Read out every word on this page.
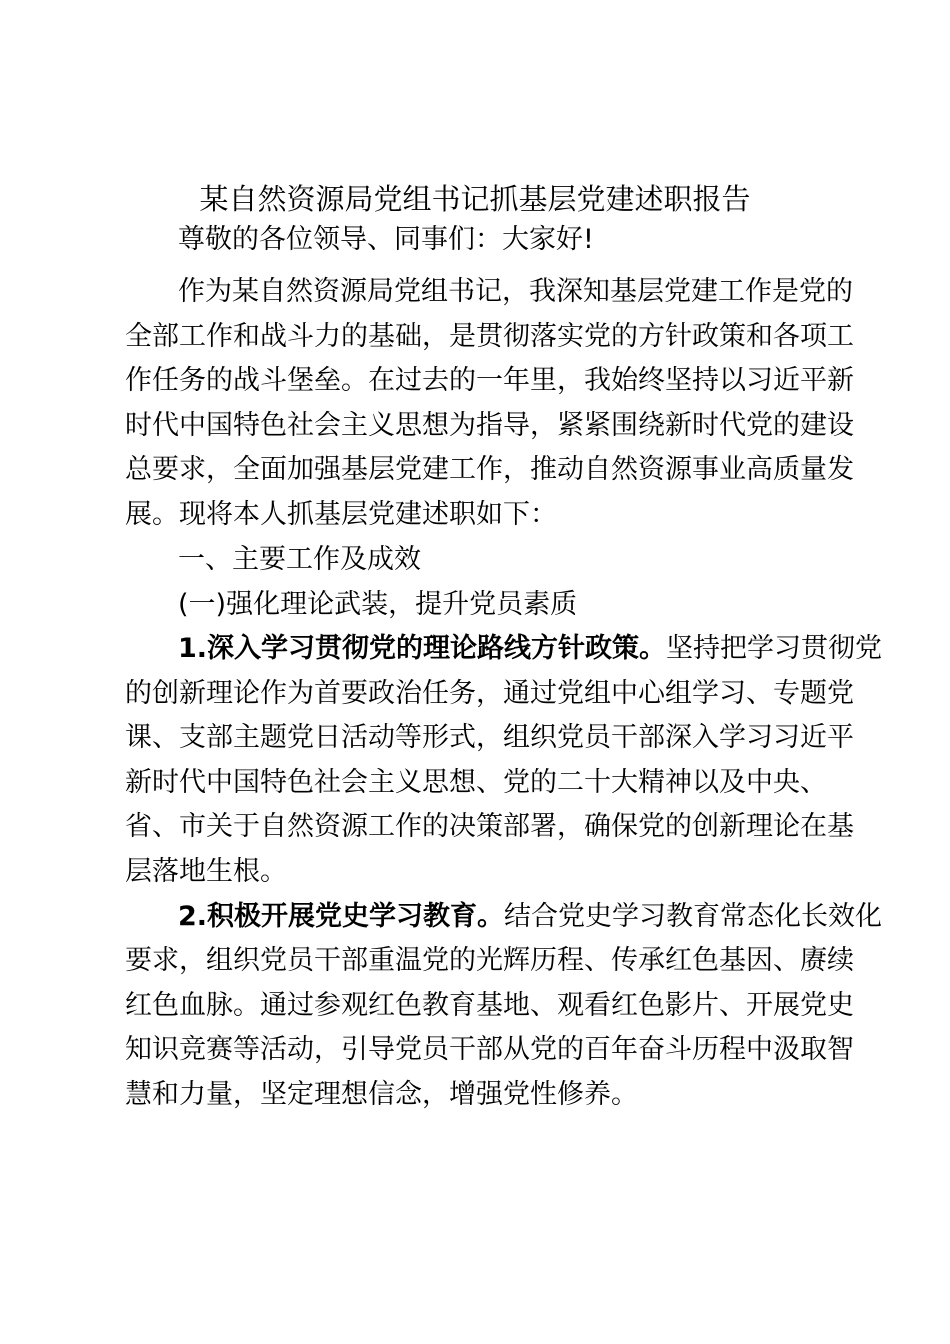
某自然资源局党组书记抓基层党建述职报告
尊敬的各位领导、同事们：大家好!
作为某自然资源局党组书记，我深知基层党建工作是党的
全部工作和战斗力的基础，是贯彻落实党的方针政策和各项工
作任务的战斗堡垒。在过去的一年里，我始终坚持以习近平新
时代中国特色社会主义思想为指导，紧紧围绕新时代党的建设
总要求，全面加强基层党建工作，推动自然资源事业高质量发
展。现将本人抓基层党建述职如下：
一、主要工作及成效
(一)强化理论武装，提升党员素质
1.深入学习贯彻党的理论路线方针政策。坚持把学习贯彻党
的创新理论作为首要政治任务，通过党组中心组学习、专题党
课、支部主题党日活动等形式，组织党员干部深入学习习近平
新时代中国特色社会主义思想、党的二十大精神以及中央、
省、市关于自然资源工作的决策部署，确保党的创新理论在基
层落地生根。
2.积极开展党史学习教育。结合党史学习教育常态化长效化
要求，组织党员干部重温党的光辉历程、传承红色基因、赓续
红色血脉。通过参观红色教育基地、观看红色影片、开展党史
知识竞赛等活动，引导党员干部从党的百年奋斗历程中汲取智
慧和力量，坚定理想信念，增强党性修养。
